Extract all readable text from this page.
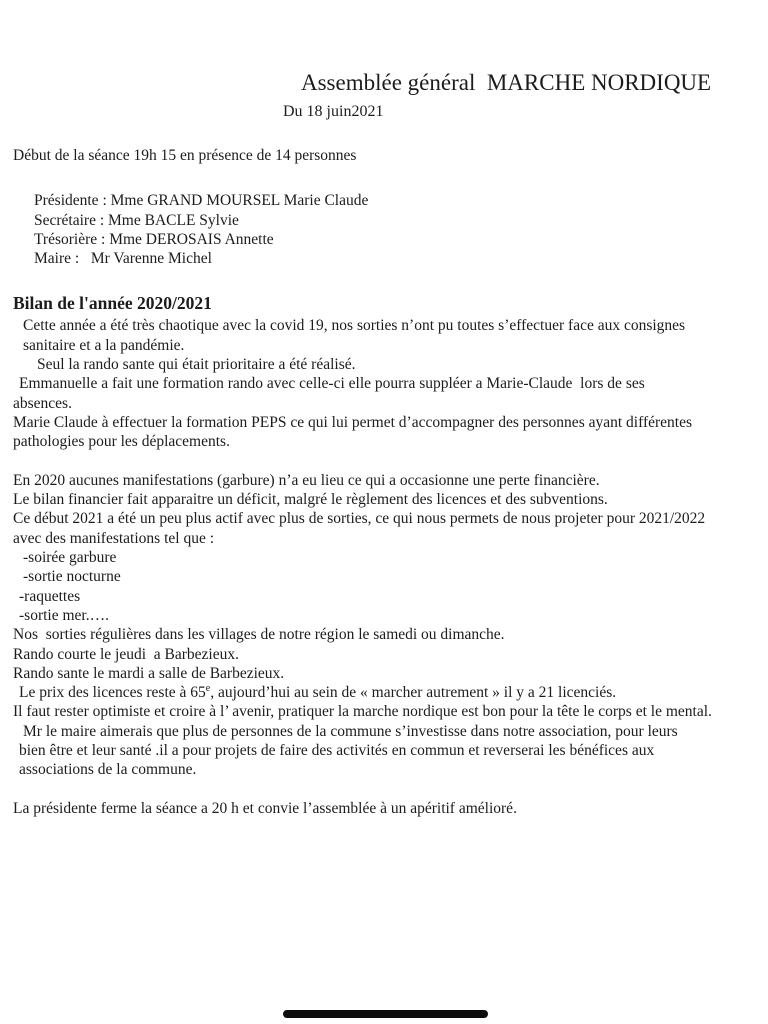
Assemblée général  MARCHE NORDIQUE
Du 18 juin2021
Début de la séance 19h 15 en présence de 14 personnes
Présidente : Mme GRAND MOURSEL Marie Claude
Secrétaire : Mme BACLE Sylvie
Trésorière : Mme DEROSAIS Annette
Maire :   Mr Varenne Michel
Bilan de l'année 2020/2021
Cette année a été très chaotique avec la covid 19, nos sorties n’ont pu toutes s’effectuer face aux consignes
sanitaire et a la pandémie.
Seul la rando sante qui était prioritaire a été réalisé.
Emmanuelle a fait une formation rando avec celle-ci elle pourra suppléer a Marie-Claude  lors de ses
absences.
Marie Claude à effectuer la formation PEPS ce qui lui permet d’accompagner des personnes ayant différentes
pathologies pour les déplacements.
En 2020 aucunes manifestations (garbure) n’a eu lieu ce qui a occasionne une perte financière.
Le bilan financier fait apparaitre un déficit, malgré le règlement des licences et des subventions.
Ce début 2021 a été un peu plus actif avec plus de sorties, ce qui nous permets de nous projeter pour 2021/2022
avec des manifestations tel que :
-soirée garbure
-sortie nocturne
-raquettes
-sortie mer.….
Nos  sorties régulières dans les villages de notre région le samedi ou dimanche.
Rando courte le jeudi  a Barbezieux.
Rando sante le mardi a salle de Barbezieux.
Le prix des licences reste à 65e, aujourd’hui au sein de « marcher autrement » il y a 21 licenciés.
Il faut rester optimiste et croire à l’ avenir, pratiquer la marche nordique est bon pour la tête le corps et le mental.
Mr le maire aimerais que plus de personnes de la commune s’investisse dans notre association, pour leurs
bien être et leur santé .il a pour projets de faire des activités en commun et reverserai les bénéfices aux
associations de la commune.
La présidente ferme la séance a 20 h et convie l’assemblée à un apéritif amélioré.
